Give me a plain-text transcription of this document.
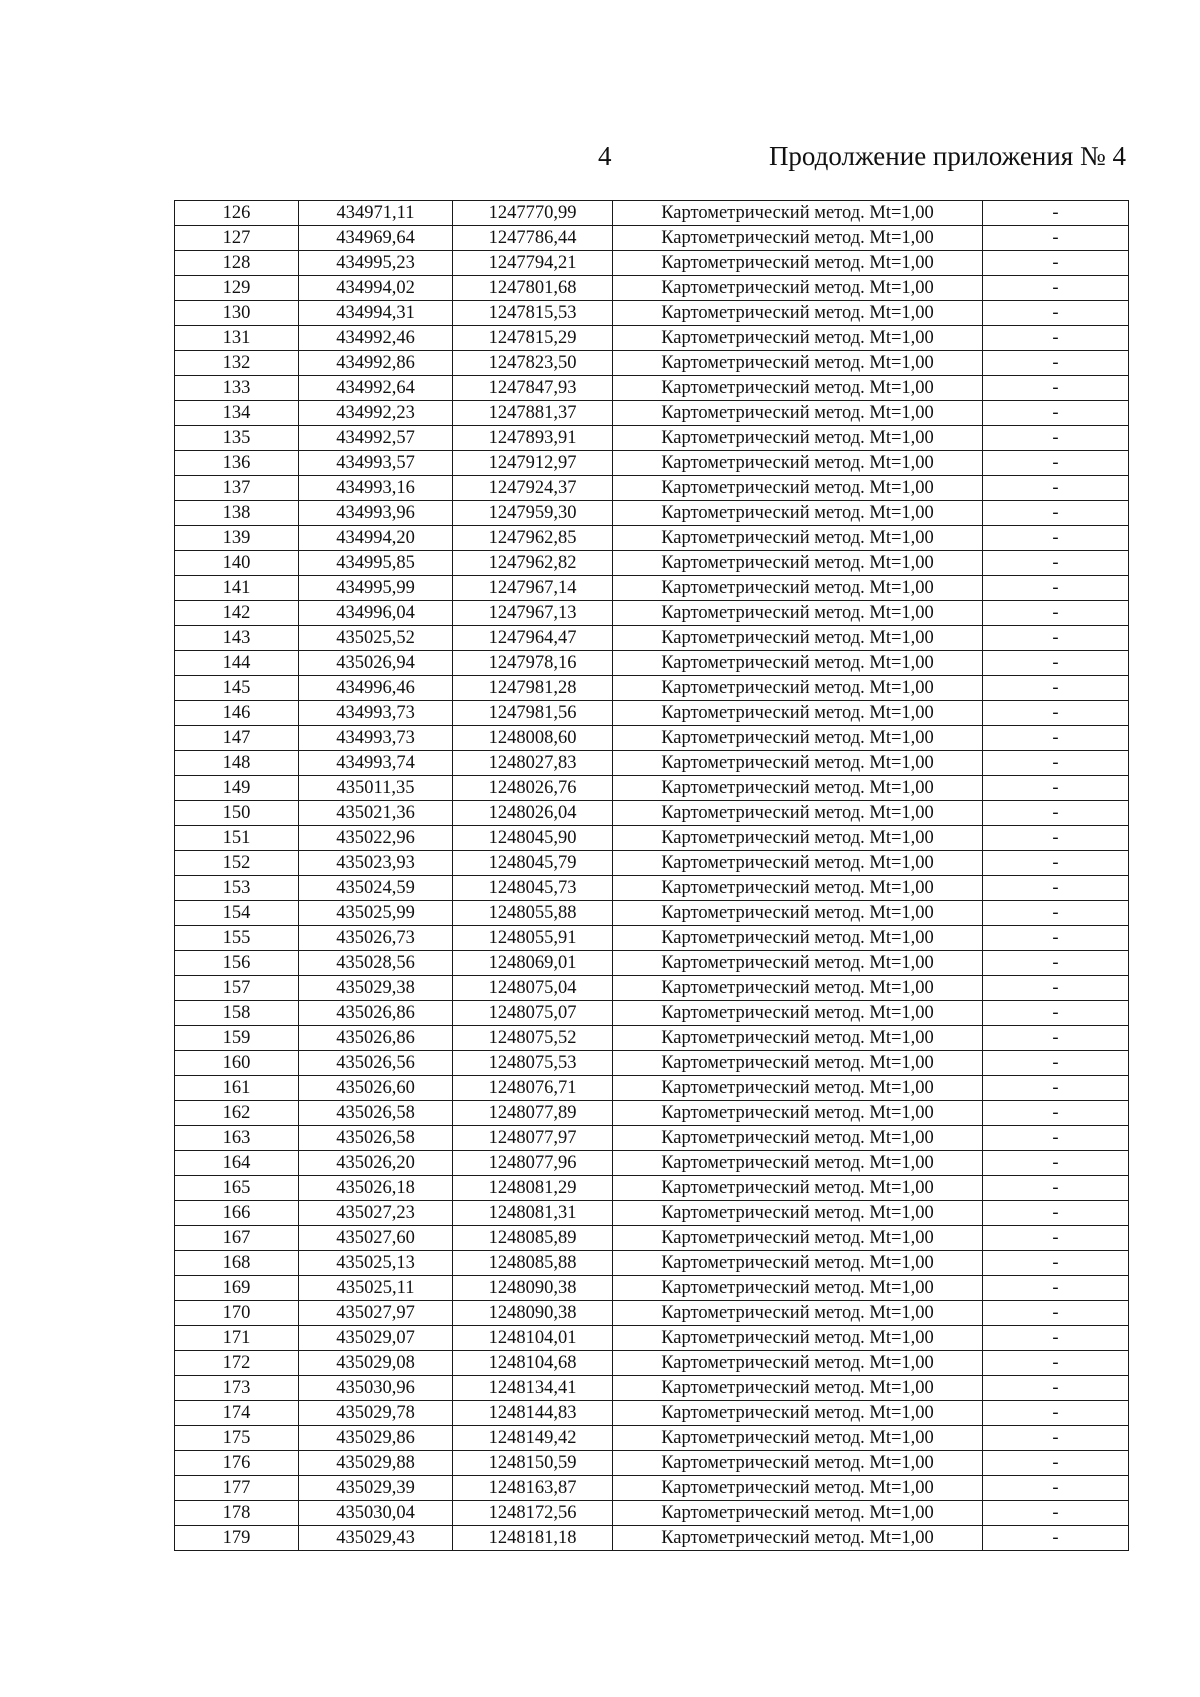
4	Продолжение приложения № 4
126	434971,11	1247770,99	Картометрический метод. Mt=1,00	-
127	434969,64	1247786,44	Картометрический метод. Mt=1,00	-
128	434995,23	1247794,21	Картометрический метод. Mt=1,00	-
129	434994,02	1247801,68	Картометрический метод. Mt=1,00	-
130	434994,31	1247815,53	Картометрический метод. Mt=1,00	-
131	434992,46	1247815,29	Картометрический метод. Mt=1,00	-
132	434992,86	1247823,50	Картометрический метод. Mt=1,00	-
133	434992,64	1247847,93	Картометрический метод. Mt=1,00	-
134	434992,23	1247881,37	Картометрический метод. Mt=1,00	-
135	434992,57	1247893,91	Картометрический метод. Mt=1,00	-
136	434993,57	1247912,97	Картометрический метод. Mt=1,00	-
137	434993,16	1247924,37	Картометрический метод. Mt=1,00	-
138	434993,96	1247959,30	Картометрический метод. Mt=1,00	-
139	434994,20	1247962,85	Картометрический метод. Mt=1,00	-
140	434995,85	1247962,82	Картометрический метод. Mt=1,00	-
141	434995,99	1247967,14	Картометрический метод. Mt=1,00	-
142	434996,04	1247967,13	Картометрический метод. Mt=1,00	-
143	435025,52	1247964,47	Картометрический метод. Mt=1,00	-
144	435026,94	1247978,16	Картометрический метод. Mt=1,00	-
145	434996,46	1247981,28	Картометрический метод. Mt=1,00	-
146	434993,73	1247981,56	Картометрический метод. Mt=1,00	-
147	434993,73	1248008,60	Картометрический метод. Mt=1,00	-
148	434993,74	1248027,83	Картометрический метод. Mt=1,00	-
149	435011,35	1248026,76	Картометрический метод. Mt=1,00	-
150	435021,36	1248026,04	Картометрический метод. Mt=1,00	-
151	435022,96	1248045,90	Картометрический метод. Mt=1,00	-
152	435023,93	1248045,79	Картометрический метод. Mt=1,00	-
153	435024,59	1248045,73	Картометрический метод. Mt=1,00	-
154	435025,99	1248055,88	Картометрический метод. Mt=1,00	-
155	435026,73	1248055,91	Картометрический метод. Mt=1,00	-
156	435028,56	1248069,01	Картометрический метод. Mt=1,00	-
157	435029,38	1248075,04	Картометрический метод. Mt=1,00	-
158	435026,86	1248075,07	Картометрический метод. Mt=1,00	-
159	435026,86	1248075,52	Картометрический метод. Mt=1,00	-
160	435026,56	1248075,53	Картометрический метод. Mt=1,00	-
161	435026,60	1248076,71	Картометрический метод. Mt=1,00	-
162	435026,58	1248077,89	Картометрический метод. Mt=1,00	-
163	435026,58	1248077,97	Картометрический метод. Mt=1,00	-
164	435026,20	1248077,96	Картометрический метод. Mt=1,00	-
165	435026,18	1248081,29	Картометрический метод. Mt=1,00	-
166	435027,23	1248081,31	Картометрический метод. Mt=1,00	-
167	435027,60	1248085,89	Картометрический метод. Mt=1,00	-
168	435025,13	1248085,88	Картометрический метод. Mt=1,00	-
169	435025,11	1248090,38	Картометрический метод. Mt=1,00	-
170	435027,97	1248090,38	Картометрический метод. Mt=1,00	-
171	435029,07	1248104,01	Картометрический метод. Mt=1,00	-
172	435029,08	1248104,68	Картометрический метод. Mt=1,00	-
173	435030,96	1248134,41	Картометрический метод. Mt=1,00	-
174	435029,78	1248144,83	Картометрический метод. Mt=1,00	-
175	435029,86	1248149,42	Картометрический метод. Mt=1,00	-
176	435029,88	1248150,59	Картометрический метод. Mt=1,00	-
177	435029,39	1248163,87	Картометрический метод. Mt=1,00	-
178	435030,04	1248172,56	Картометрический метод. Mt=1,00	-
179	435029,43	1248181,18	Картометрический метод. Mt=1,00	-
